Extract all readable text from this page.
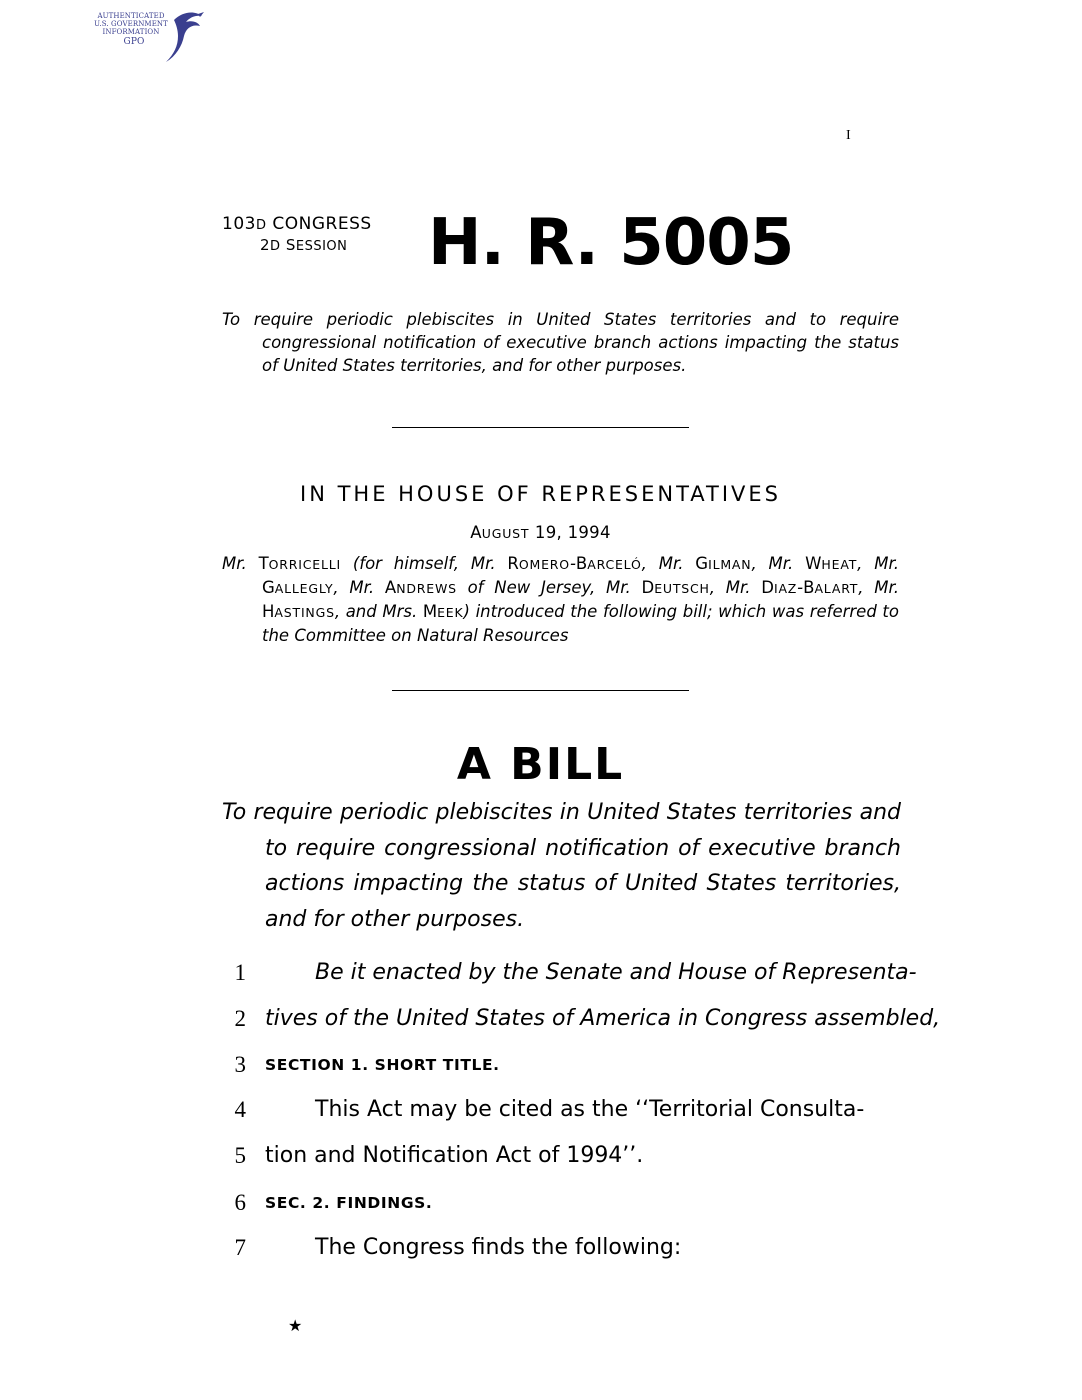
AUTHENTICATED
U.S. GOVERNMENT
INFORMATION
GPO
I
103D CONGRESS
2D SESSION H. R. 5005
To require periodic plebiscites in United States territories and to require congressional notification of executive branch actions impacting the status of United States territories, and for other purposes.
IN THE HOUSE OF REPRESENTATIVES
AUGUST 19, 1994
Mr. TORRICELLI (for himself, Mr. ROMERO-BARCELÓ, Mr. GILMAN, Mr. WHEAT, Mr. GALLEGLY, Mr. ANDREWS of New Jersey, Mr. DEUTSCH, Mr. DIAZ-BALART, Mr. HASTINGS, and Mrs. MEEK) introduced the following bill; which was referred to the Committee on Natural Resources
A BILL
To require periodic plebiscites in United States territories and to require congressional notification of executive branch actions impacting the status of United States territories, and for other purposes.
1	Be it enacted by the Senate and House of Representa-
2 tives of the United States of America in Congress assembled,
3 SECTION 1. SHORT TITLE.
4	This Act may be cited as the ‘‘Territorial Consulta-
5 tion and Notification Act of 1994’’.
6 SEC. 2. FINDINGS.
7	The Congress finds the following:
★
